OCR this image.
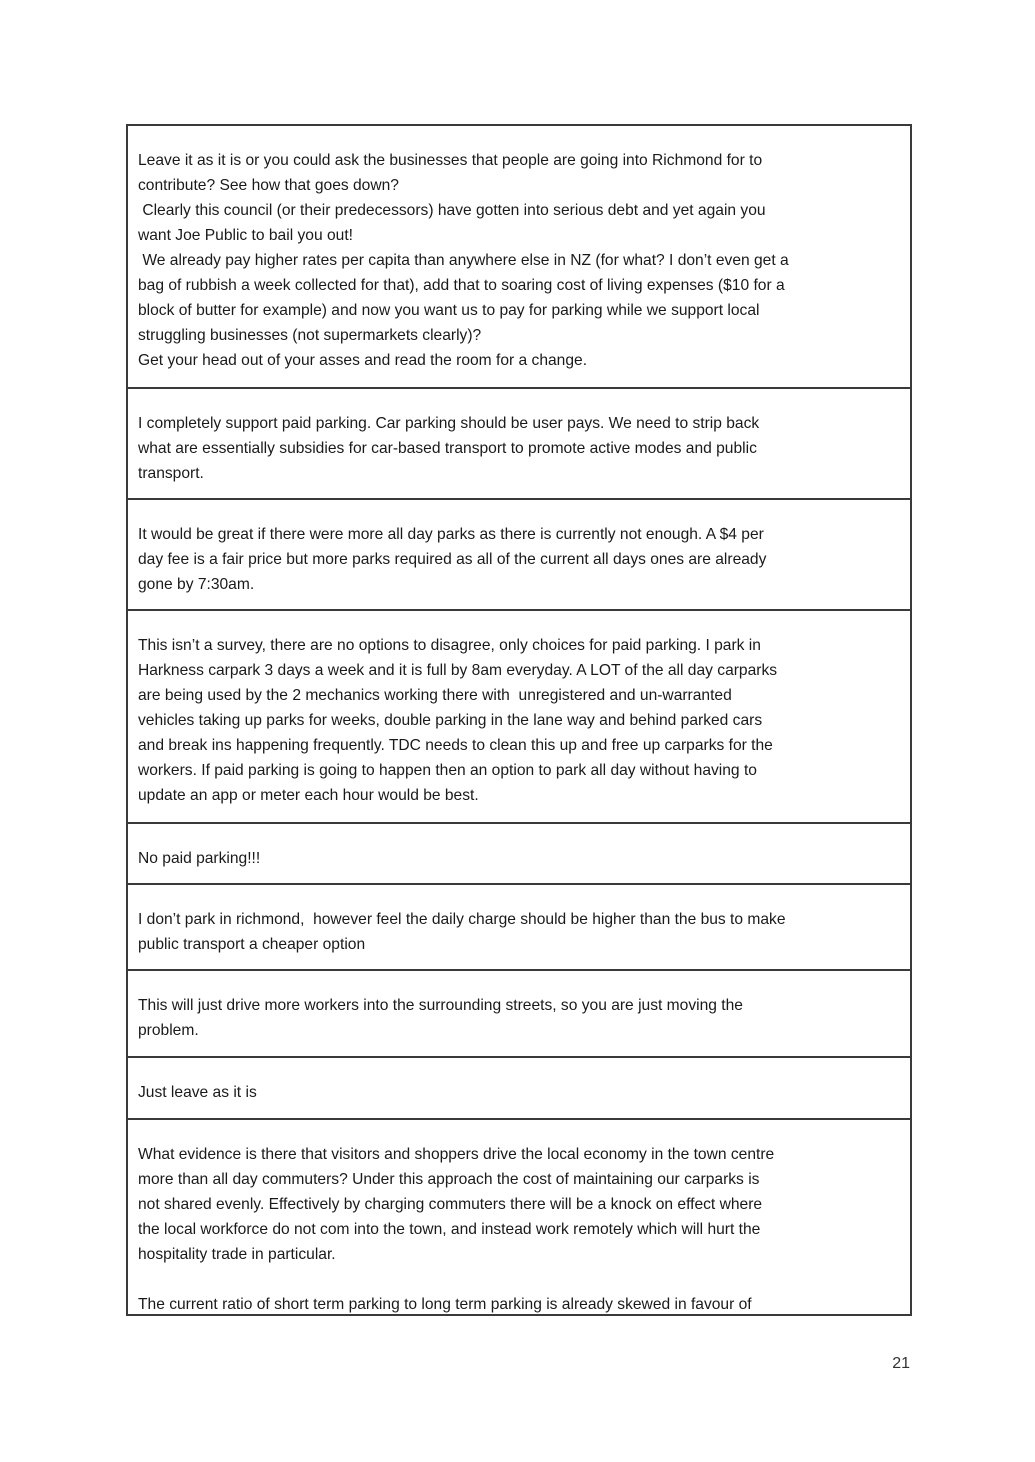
Leave it as it is or you could ask the businesses that people are going into Richmond for to
contribute? See how that goes down?
Clearly this council (or their predecessors) have gotten into serious debt and yet again you
want Joe Public to bail you out!
We already pay higher rates per capita than anywhere else in NZ (for what? I don’t even get a
bag of rubbish a week collected for that), add that to soaring cost of living expenses ($10 for a
block of butter for example) and now you want us to pay for parking while we support local
struggling businesses (not supermarkets clearly)?
Get your head out of your asses and read the room for a change.
I completely support paid parking. Car parking should be user pays. We need to strip back
what are essentially subsidies for car-based transport to promote active modes and public
transport.
It would be great if there were more all day parks as there is currently not enough. A $4 per
day fee is a fair price but more parks required as all of the current all days ones are already
gone by 7:30am.
This isn’t a survey, there are no options to disagree, only choices for paid parking. I park in
Harkness carpark 3 days a week and it is full by 8am everyday. A LOT of the all day carparks
are being used by the 2 mechanics working there with  unregistered and un-warranted
vehicles taking up parks for weeks, double parking in the lane way and behind parked cars
and break ins happening frequently. TDC needs to clean this up and free up carparks for the
workers. If paid parking is going to happen then an option to park all day without having to
update an app or meter each hour would be best.
No paid parking!!!
I don’t park in richmond,  however feel the daily charge should be higher than the bus to make
public transport a cheaper option
This will just drive more workers into the surrounding streets, so you are just moving the
problem.
Just leave as it is
What evidence is there that visitors and shoppers drive the local economy in the town centre
more than all day commuters? Under this approach the cost of maintaining our carparks is
not shared evenly. Effectively by charging commuters there will be a knock on effect where
the local workforce do not com into the town, and instead work remotely which will hurt the
hospitality trade in particular.
The current ratio of short term parking to long term parking is already skewed in favour of
21
